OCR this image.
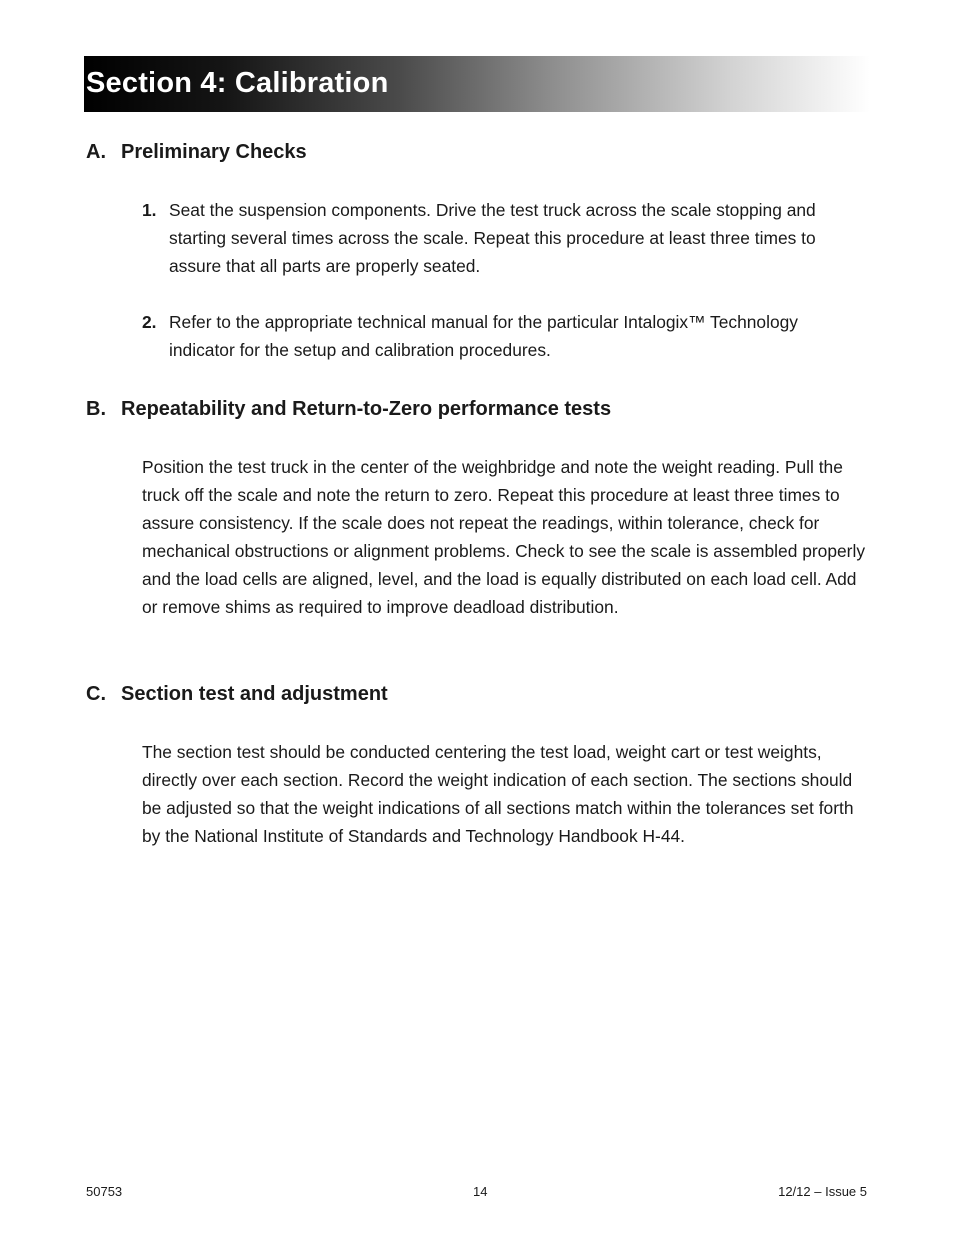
Section 4: Calibration
A. Preliminary Checks
1. Seat the suspension components. Drive the test truck across the scale stopping and starting several times across the scale. Repeat this procedure at least three times to assure that all parts are properly seated.
2. Refer to the appropriate technical manual for the particular Intalogix™ Technology indicator for the setup and calibration procedures.
B. Repeatability and Return-to-Zero performance tests

Position the test truck in the center of the weighbridge and note the weight reading. Pull the truck off the scale and note the return to zero. Repeat this procedure at least three times to assure consistency. If the scale does not repeat the readings, within tolerance, check for mechanical obstructions or alignment problems. Check to see the scale is assembled properly and the load cells are aligned, level, and the load is equally distributed on each load cell. Add or remove shims as required to improve deadload distribution.

C. Section test and adjustment

The section test should be conducted centering the test load, weight cart or test weights, directly over each section. Record the weight indication of each section. The sections should be adjusted so that the weight indications of all sections match within the tolerances set forth by the National Institute of Standards and Technology Handbook H-44.

50753	14	12/12 – Issue 5
